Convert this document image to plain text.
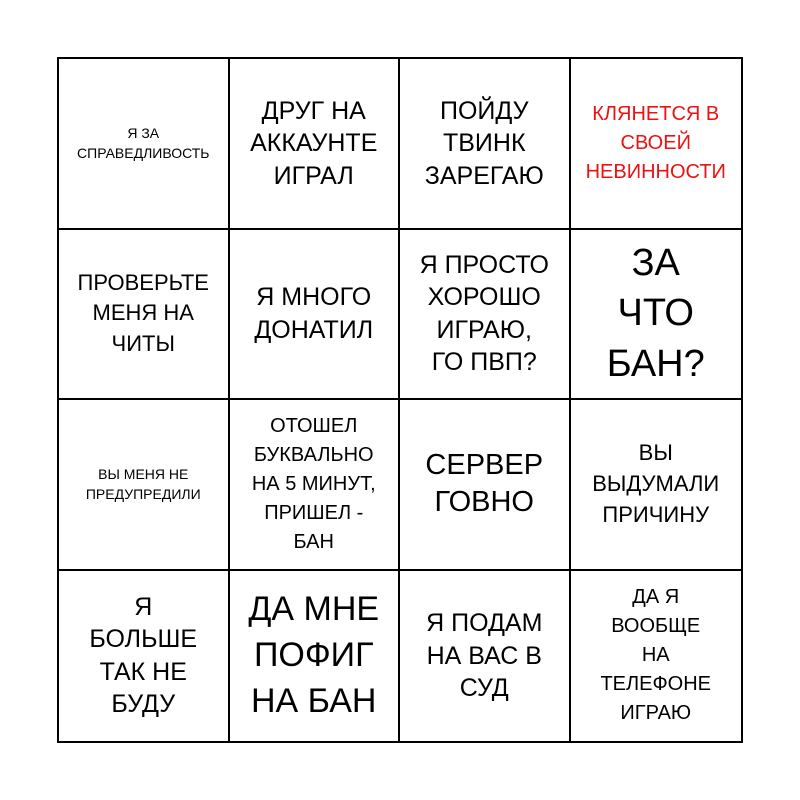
Я ЗА
СПРАВЕДЛИВОСТЬ
ДРУГ НА
АККАУНТЕ
ИГРАЛ
ПОЙДУ
ТВИНК
ЗАРЕГАЮ
КЛЯНЕТСЯ В
СВОЕЙ
НЕВИННОСТИ
ПРОВЕРЬТЕ
МЕНЯ НА
ЧИТЫ
Я МНОГО
ДОНАТИЛ
Я ПРОСТО
ХОРОШО
ИГРАЮ,
ГО ПВП?
ЗА
ЧТО
БАН?
ВЫ МЕНЯ НЕ
ПРЕДУПРЕДИЛИ
ОТОШЕЛ
БУКВАЛЬНО
НА 5 МИНУТ,
ПРИШЕЛ -
БАН
СЕРВЕР
ГОВНО
ВЫ
ВЫДУМАЛИ
ПРИЧИНУ
Я
БОЛЬШЕ
ТАК НЕ
БУДУ
ДА МНЕ
ПОФИГ
НА БАН
Я ПОДАМ
НА ВАС В
СУД
ДА Я
ВООБЩЕ
НА
ТЕЛЕФОНЕ
ИГРАЮ
